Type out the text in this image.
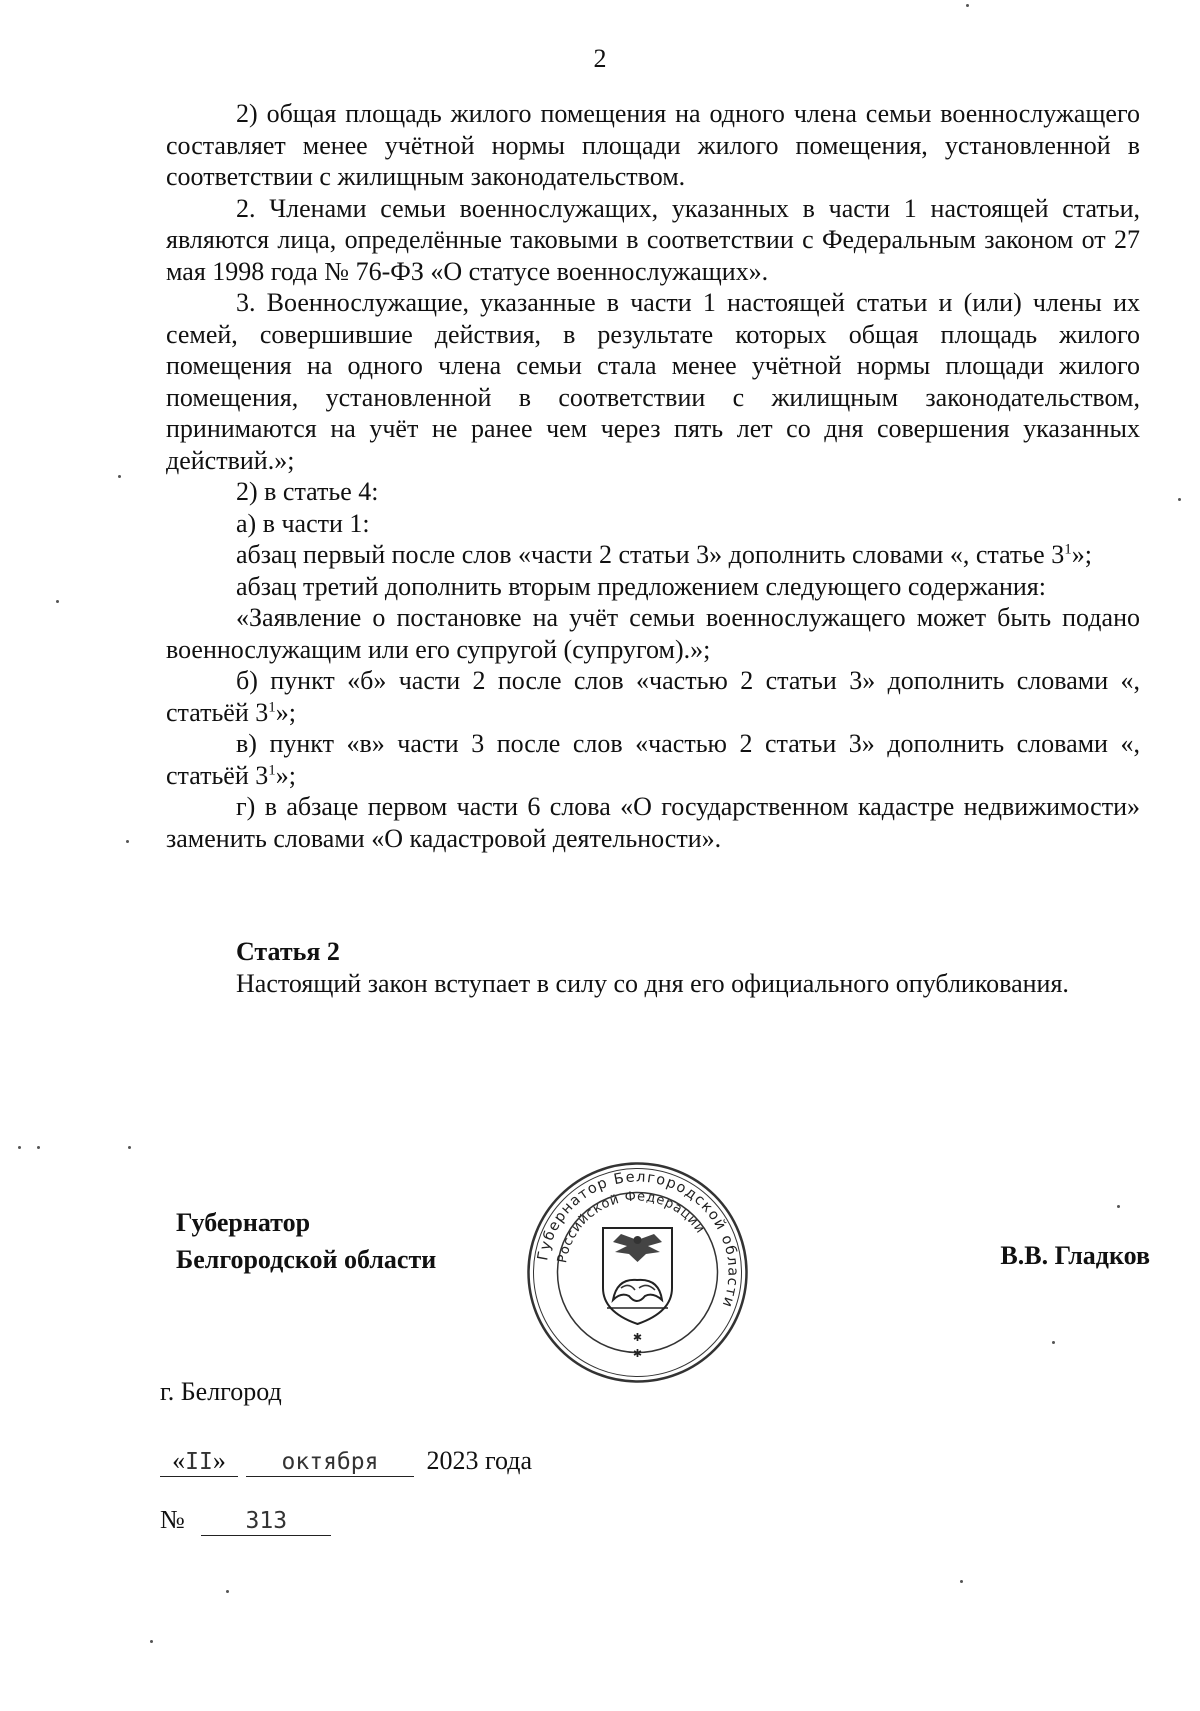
2

2) общая площадь жилого помещения на одного члена семьи военнослужащего составляет менее учётной нормы площади жилого помещения, установленной в соответствии с жилищным законодательством.

2. Членами семьи военнослужащих, указанных в части 1 настоящей статьи, являются лица, определённые таковыми в соответствии с Федеральным законом от 27 мая 1998 года № 76-ФЗ «О статусе военнослужащих».

3. Военнослужащие, указанные в части 1 настоящей статьи и (или) члены их семей, совершившие действия, в результате которых общая площадь жилого помещения на одного члена семьи стала менее учётной нормы площади жилого помещения, установленной в соответствии с жилищным законодательством, принимаются на учёт не ранее чем через пять лет со дня совершения указанных действий.»;

2) в статье 4:

а) в части 1:

абзац первый после слов «части 2 статьи 3» дополнить словами «, статье $3^1$»;

абзац третий дополнить вторым предложением следующего содержания:

«Заявление о постановке на учёт семьи военнослужащего может быть подано военнослужащим или его супругой (супругом).»;

б) пункт «б» части 2 после слов «частью 2 статьи 3» дополнить словами «, статьёй $3^1$»;

в) пункт «в» части 3 после слов «частью 2 статьи 3» дополнить словами «, статьёй $3^1$»;

г) в абзаце первом части 6 слова «О государственном кадастре недвижимости» заменить словами «О кадастровой деятельности».

Статья 2

Настоящий закон вступает в силу со дня его официального опубликования.

Губернатор
Белгородской области	Губернатор Белгородской области
Российской Федерации
✱
✱
В.В. Гладков
г. Белгород
«II» октября 2023 года
№	313
